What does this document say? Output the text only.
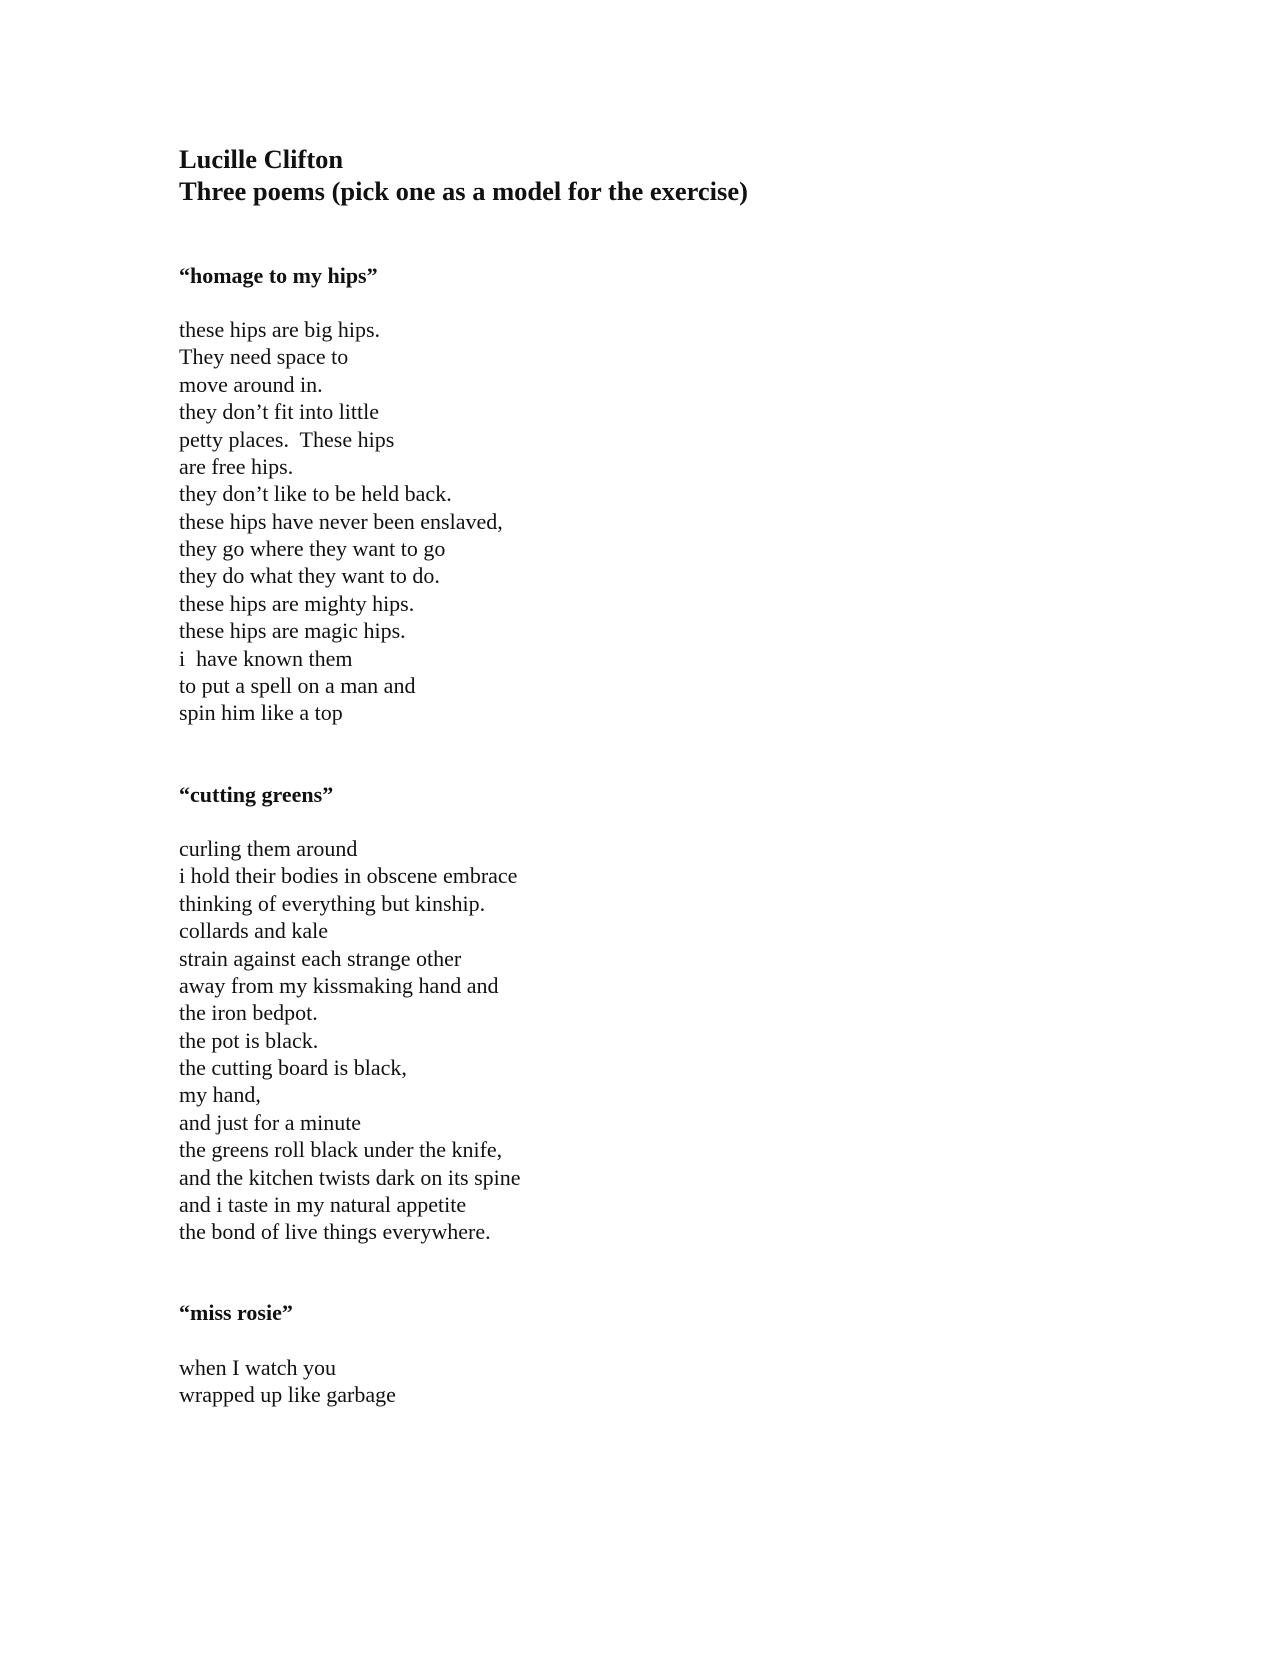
Lucille Clifton
Three poems (pick one as a model for the exercise)
“homage to my hips”
these hips are big hips.
They need space to
move around in.
they don’t fit into little
petty places.  These hips
are free hips.
they don’t like to be held back.
these hips have never been enslaved,
they go where they want to go
they do what they want to do.
these hips are mighty hips.
these hips are magic hips.
i  have known them
to put a spell on a man and
spin him like a top
“cutting greens”
curling them around
i hold their bodies in obscene embrace
thinking of everything but kinship.
collards and kale
strain against each strange other
away from my kissmaking hand and
the iron bedpot.
the pot is black.
the cutting board is black,
my hand,
and just for a minute
the greens roll black under the knife,
and the kitchen twists dark on its spine
and i taste in my natural appetite
the bond of live things everywhere.
“miss rosie”
when I watch you
wrapped up like garbage
